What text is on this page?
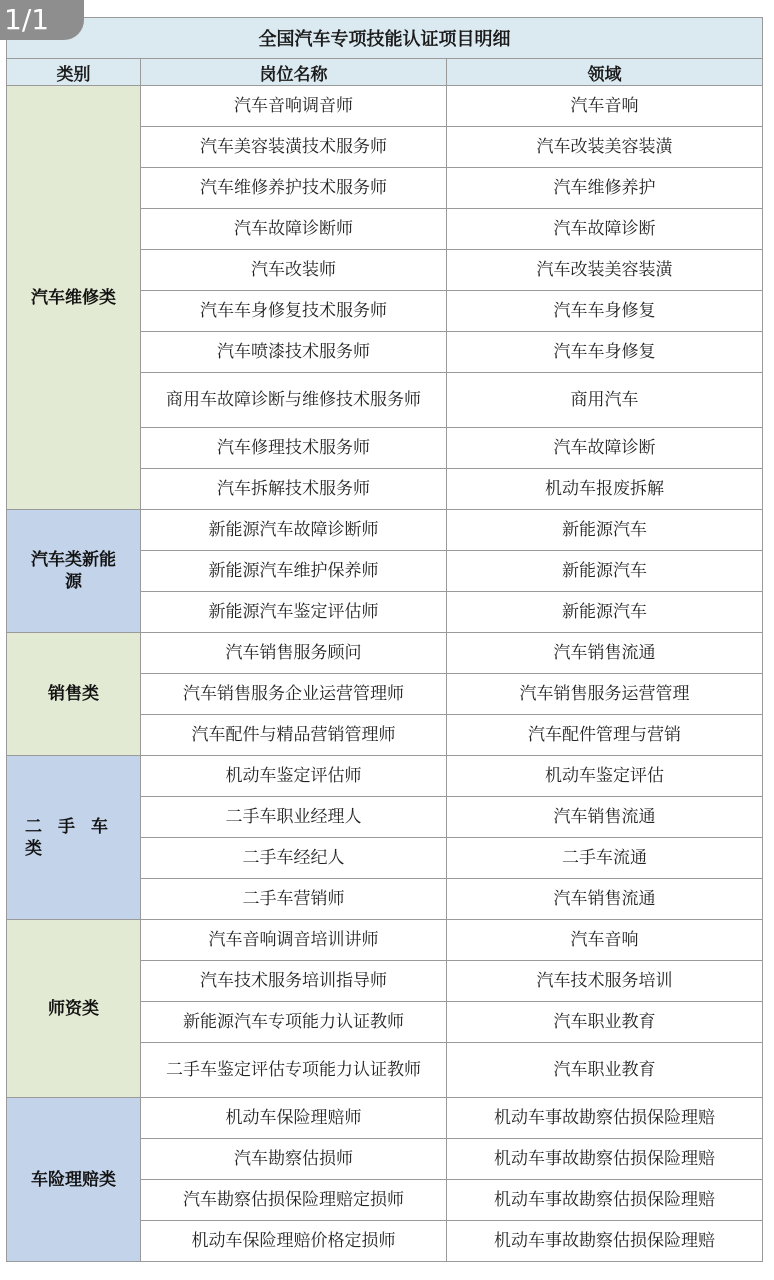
1/1
全国汽车专项技能认证项目明细		
类别	岗位名称	领域
汽车维修类	汽车音响调音师	汽车音响
	汽车美容装潢技术服务师	汽车改装美容装潢
	汽车维修养护技术服务师	汽车维修养护
	汽车故障诊断师	汽车故障诊断
	汽车改装师	汽车改装美容装潢
	汽车车身修复技术服务师	汽车车身修复
	汽车喷漆技术服务师	汽车车身修复
	商用车故障诊断与维修技术服务师	商用汽车
	汽车修理技术服务师	汽车故障诊断
	汽车拆解技术服务师	机动车报废拆解
汽车类新能源	新能源汽车故障诊断师	新能源汽车
	新能源汽车维护保养师	新能源汽车
	新能源汽车鉴定评估师	新能源汽车
销售类	汽车销售服务顾问	汽车销售流通
	汽车销售服务企业运营管理师	汽车销售服务运营管理
	汽车配件与精品营销管理师	汽车配件管理与营销
二手车类	机动车鉴定评估师	机动车鉴定评估
	二手车职业经理人	汽车销售流通
	二手车经纪人	二手车流通
	二手车营销师	汽车销售流通
师资类	汽车音响调音培训讲师	汽车音响
	汽车技术服务培训指导师	汽车技术服务培训
	新能源汽车专项能力认证教师	汽车职业教育
	二手车鉴定评估专项能力认证教师	汽车职业教育
车险理赔类	机动车保险理赔师	机动车事故勘察估损保险理赔
	汽车勘察估损师	机动车事故勘察估损保险理赔
	汽车勘察估损保险理赔定损师	机动车事故勘察估损保险理赔
	机动车保险理赔价格定损师	机动车事故勘察估损保险理赔
